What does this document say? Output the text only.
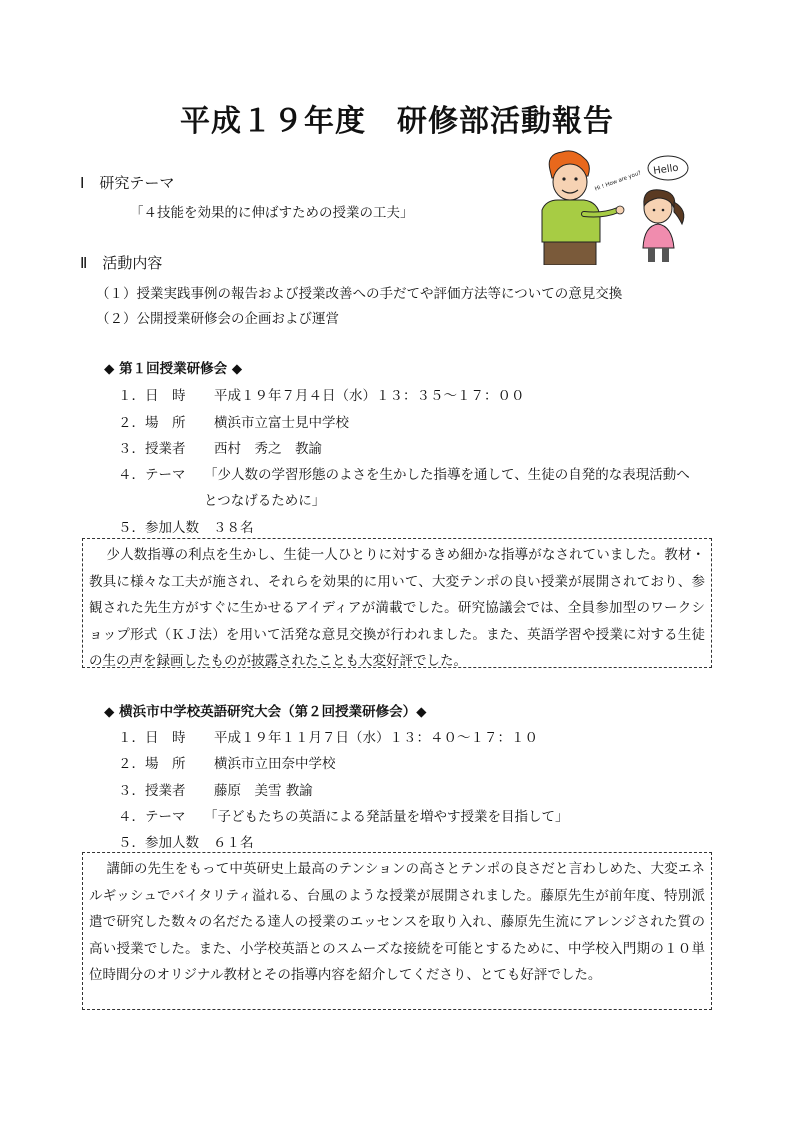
平成１９年度　研修部活動報告
Ⅰ　研究テーマ
「４技能を効果的に伸ばすための授業の工夫」
Hello
Hi ! How are you?
Ⅱ　活動内容
（１）授業実践事例の報告および授業改善への手だてや評価方法等についての意見交換
（２）公開授業研修会の企画および運営
◆ 第１回授業研修会 ◆
１．日　時 平成１９年７月４日（水）１３：３５～１７：００
２．場　所 横浜市立富士見中学校
３．授業者 西村　秀之　教諭
４．テーマ 「少人数の学習形態のよさを生かした指導を通して、生徒の自発的な表現活動へ
とつなげるために」
５．参加人数 ３８名

少人数指導の利点を生かし、生徒一人ひとりに対するきめ細かな指導がなされていました。教材・教具に様々な工夫が施され、それらを効果的に用いて、大変テンポの良い授業が展開されており、参観された先生方がすぐに生かせるアイディアが満載でした。研究協議会では、全員参加型のワークショップ形式（ＫＪ法）を用いて活発な意見交換が行われました。また、英語学習や授業に対する生徒の生の声を録画したものが披露されたことも大変好評でした。

◆ 横浜市中学校英語研究大会（第２回授業研修会）◆
１．日　時 平成１９年１１月７日（水）１３：４０～１７：１０
２．場　所 横浜市立田奈中学校
３．授業者 藤原　美雪 教諭
４．テーマ 「子どもたちの英語による発話量を増やす授業を目指して」
５．参加人数 ６１名

講師の先生をもって中英研史上最高のテンションの高さとテンポの良さだと言わしめた、大変エネルギッシュでバイタリティ溢れる、台風のような授業が展開されました。藤原先生が前年度、特別派遣で研究した数々の名だたる達人の授業のエッセンスを取り入れ、藤原先生流にアレンジされた質の高い授業でした。また、小学校英語とのスムーズな接続を可能とするために、中学校入門期の１０単位時間分のオリジナル教材とその指導内容を紹介してくださり、とても好評でした。
